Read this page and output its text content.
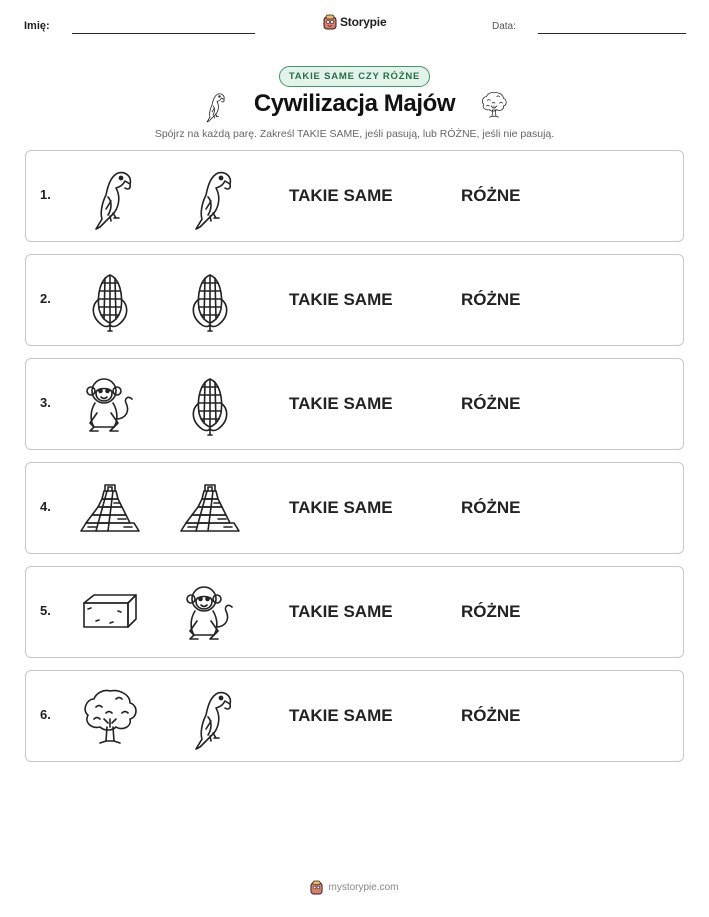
Imię:	Storypie	Data:
TAKIE SAME CZY RÓŻNE
Cywilizacja Majów
Spójrz na każdą parę. Zakreśl TAKIE SAME, jeśli pasują, lub RÓŻNE, jeśli nie pasują.
1.	TAKIE SAME	RÓŻNE
2.	TAKIE SAME	RÓŻNE
3.	TAKIE SAME	RÓŻNE
4.	TAKIE SAME	RÓŻNE
5.	TAKIE SAME	RÓŻNE
6.	TAKIE SAME	RÓŻNE
mystorypie.com
